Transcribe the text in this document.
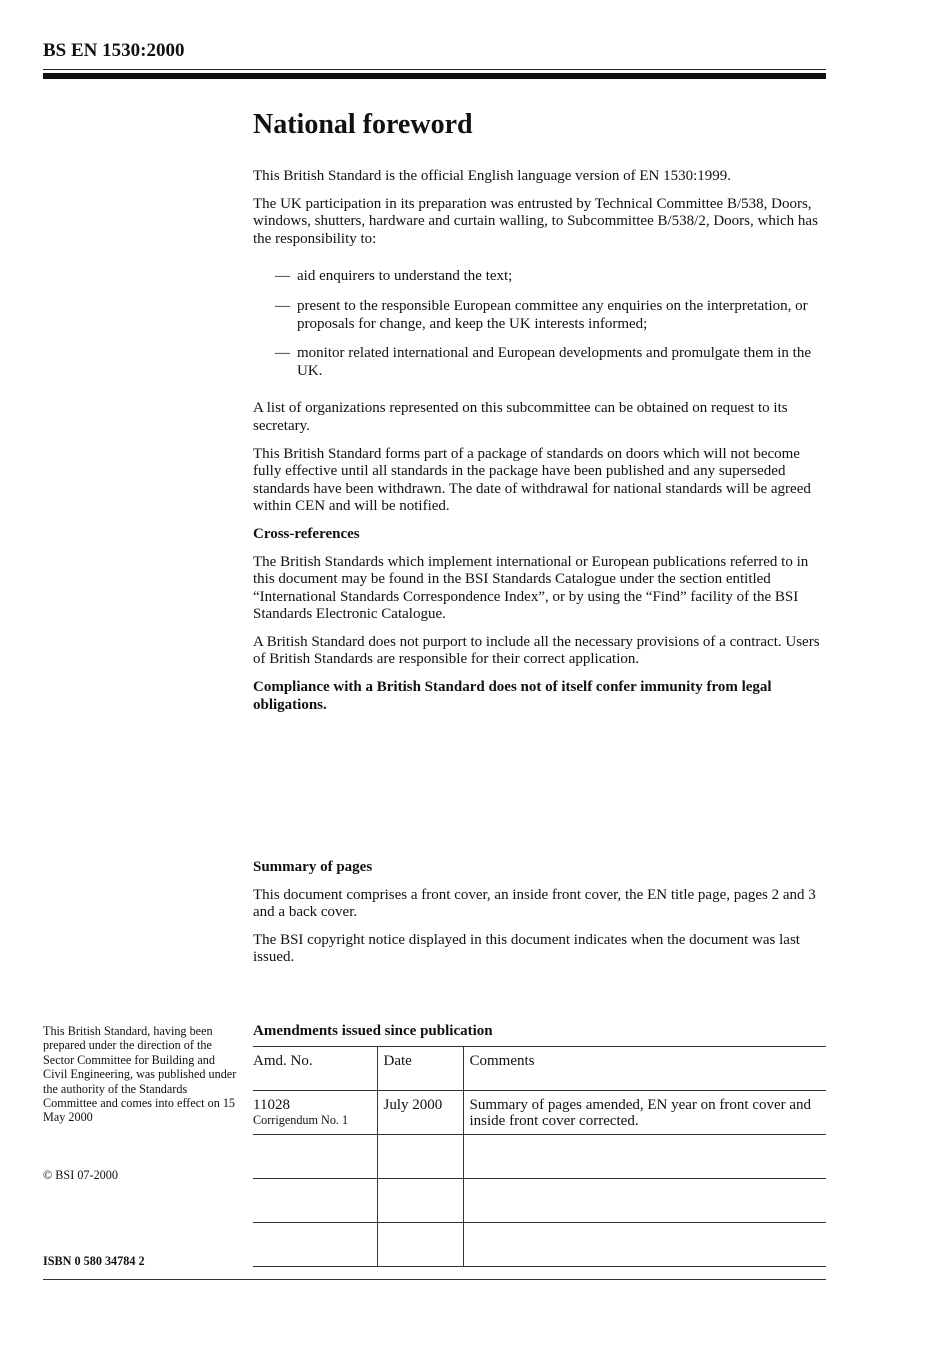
BS EN 1530:2000
National foreword

This British Standard is the official English language version of EN 1530:1999.

The UK participation in its preparation was entrusted by Technical Committee B/538, Doors, windows, shutters, hardware and curtain walling, to Subcommittee B/538/2, Doors, which has the responsibility to:

— aid enquirers to understand the text;
— present to the responsible European committee any enquiries on the interpretation, or proposals for change, and keep the UK interests informed;
— monitor related international and European developments and promulgate them in the UK.

A list of organizations represented on this subcommittee can be obtained on request to its secretary.

This British Standard forms part of a package of standards on doors which will not become fully effective until all standards in the package have been published and any superseded standards have been withdrawn. The date of withdrawal for national standards will be agreed within CEN and will be notified.

Cross-references

The British Standards which implement international or European publications referred to in this document may be found in the BSI Standards Catalogue under the section entitled “International Standards Correspondence Index”, or by using the “Find” facility of the BSI Standards Electronic Catalogue.

A British Standard does not purport to include all the necessary provisions of a contract. Users of British Standards are responsible for their correct application.

Compliance with a British Standard does not of itself confer immunity from legal obligations.

Summary of pages

This document comprises a front cover, an inside front cover, the EN title page, pages 2 and 3 and a back cover.

The BSI copyright notice displayed in this document indicates when the document was last issued.

This British Standard, having been prepared under the direction of the Sector Committee for Building and Civil Engineering, was published under the authority of the Standards Committee and comes into effect on 15 May 2000
© BSI 07-2000
ISBN 0 580 34784 2
Amendments issued since publication
Amd. No.	Date	Comments
11028
Corrigendum No. 1	July 2000	Summary of pages amended, EN year on front cover and inside front cover corrected.
